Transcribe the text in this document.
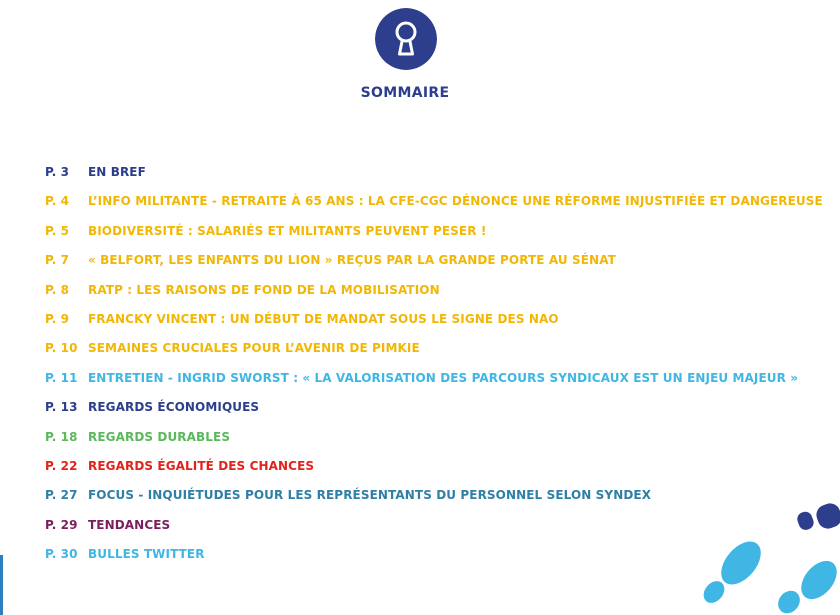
SOMMAIRE
P. 3 EN BREF
P. 4 L’INFO MILITANTE - RETRAITE À 65 ANS : LA CFE-CGC DÉNONCE UNE RÉFORME INJUSTIFIÉE ET DANGEREUSE
P. 5 BIODIVERSITÉ : SALARIÉS ET MILITANTS PEUVENT PESER !
P. 7 « BELFORT, LES ENFANTS DU LION » REÇUS PAR LA GRANDE PORTE AU SÉNAT
P. 8 RATP : LES RAISONS DE FOND DE LA MOBILISATION
P. 9 FRANCKY VINCENT : UN DÉBUT DE MANDAT SOUS LE SIGNE DES NAO
P. 10 SEMAINES CRUCIALES POUR L’AVENIR DE PIMKIE
P. 11 ENTRETIEN - INGRID SWORST : « LA VALORISATION DES PARCOURS SYNDICAUX EST UN ENJEU MAJEUR »
P. 13 REGARDS ÉCONOMIQUES
P. 18 REGARDS DURABLES
P. 22 REGARDS ÉGALITÉ DES CHANCES
P. 27 FOCUS - INQUIÉTUDES POUR LES REPRÉSENTANTS DU PERSONNEL SELON SYNDEX
P. 29 TENDANCES
P. 30 BULLES TWITTER
